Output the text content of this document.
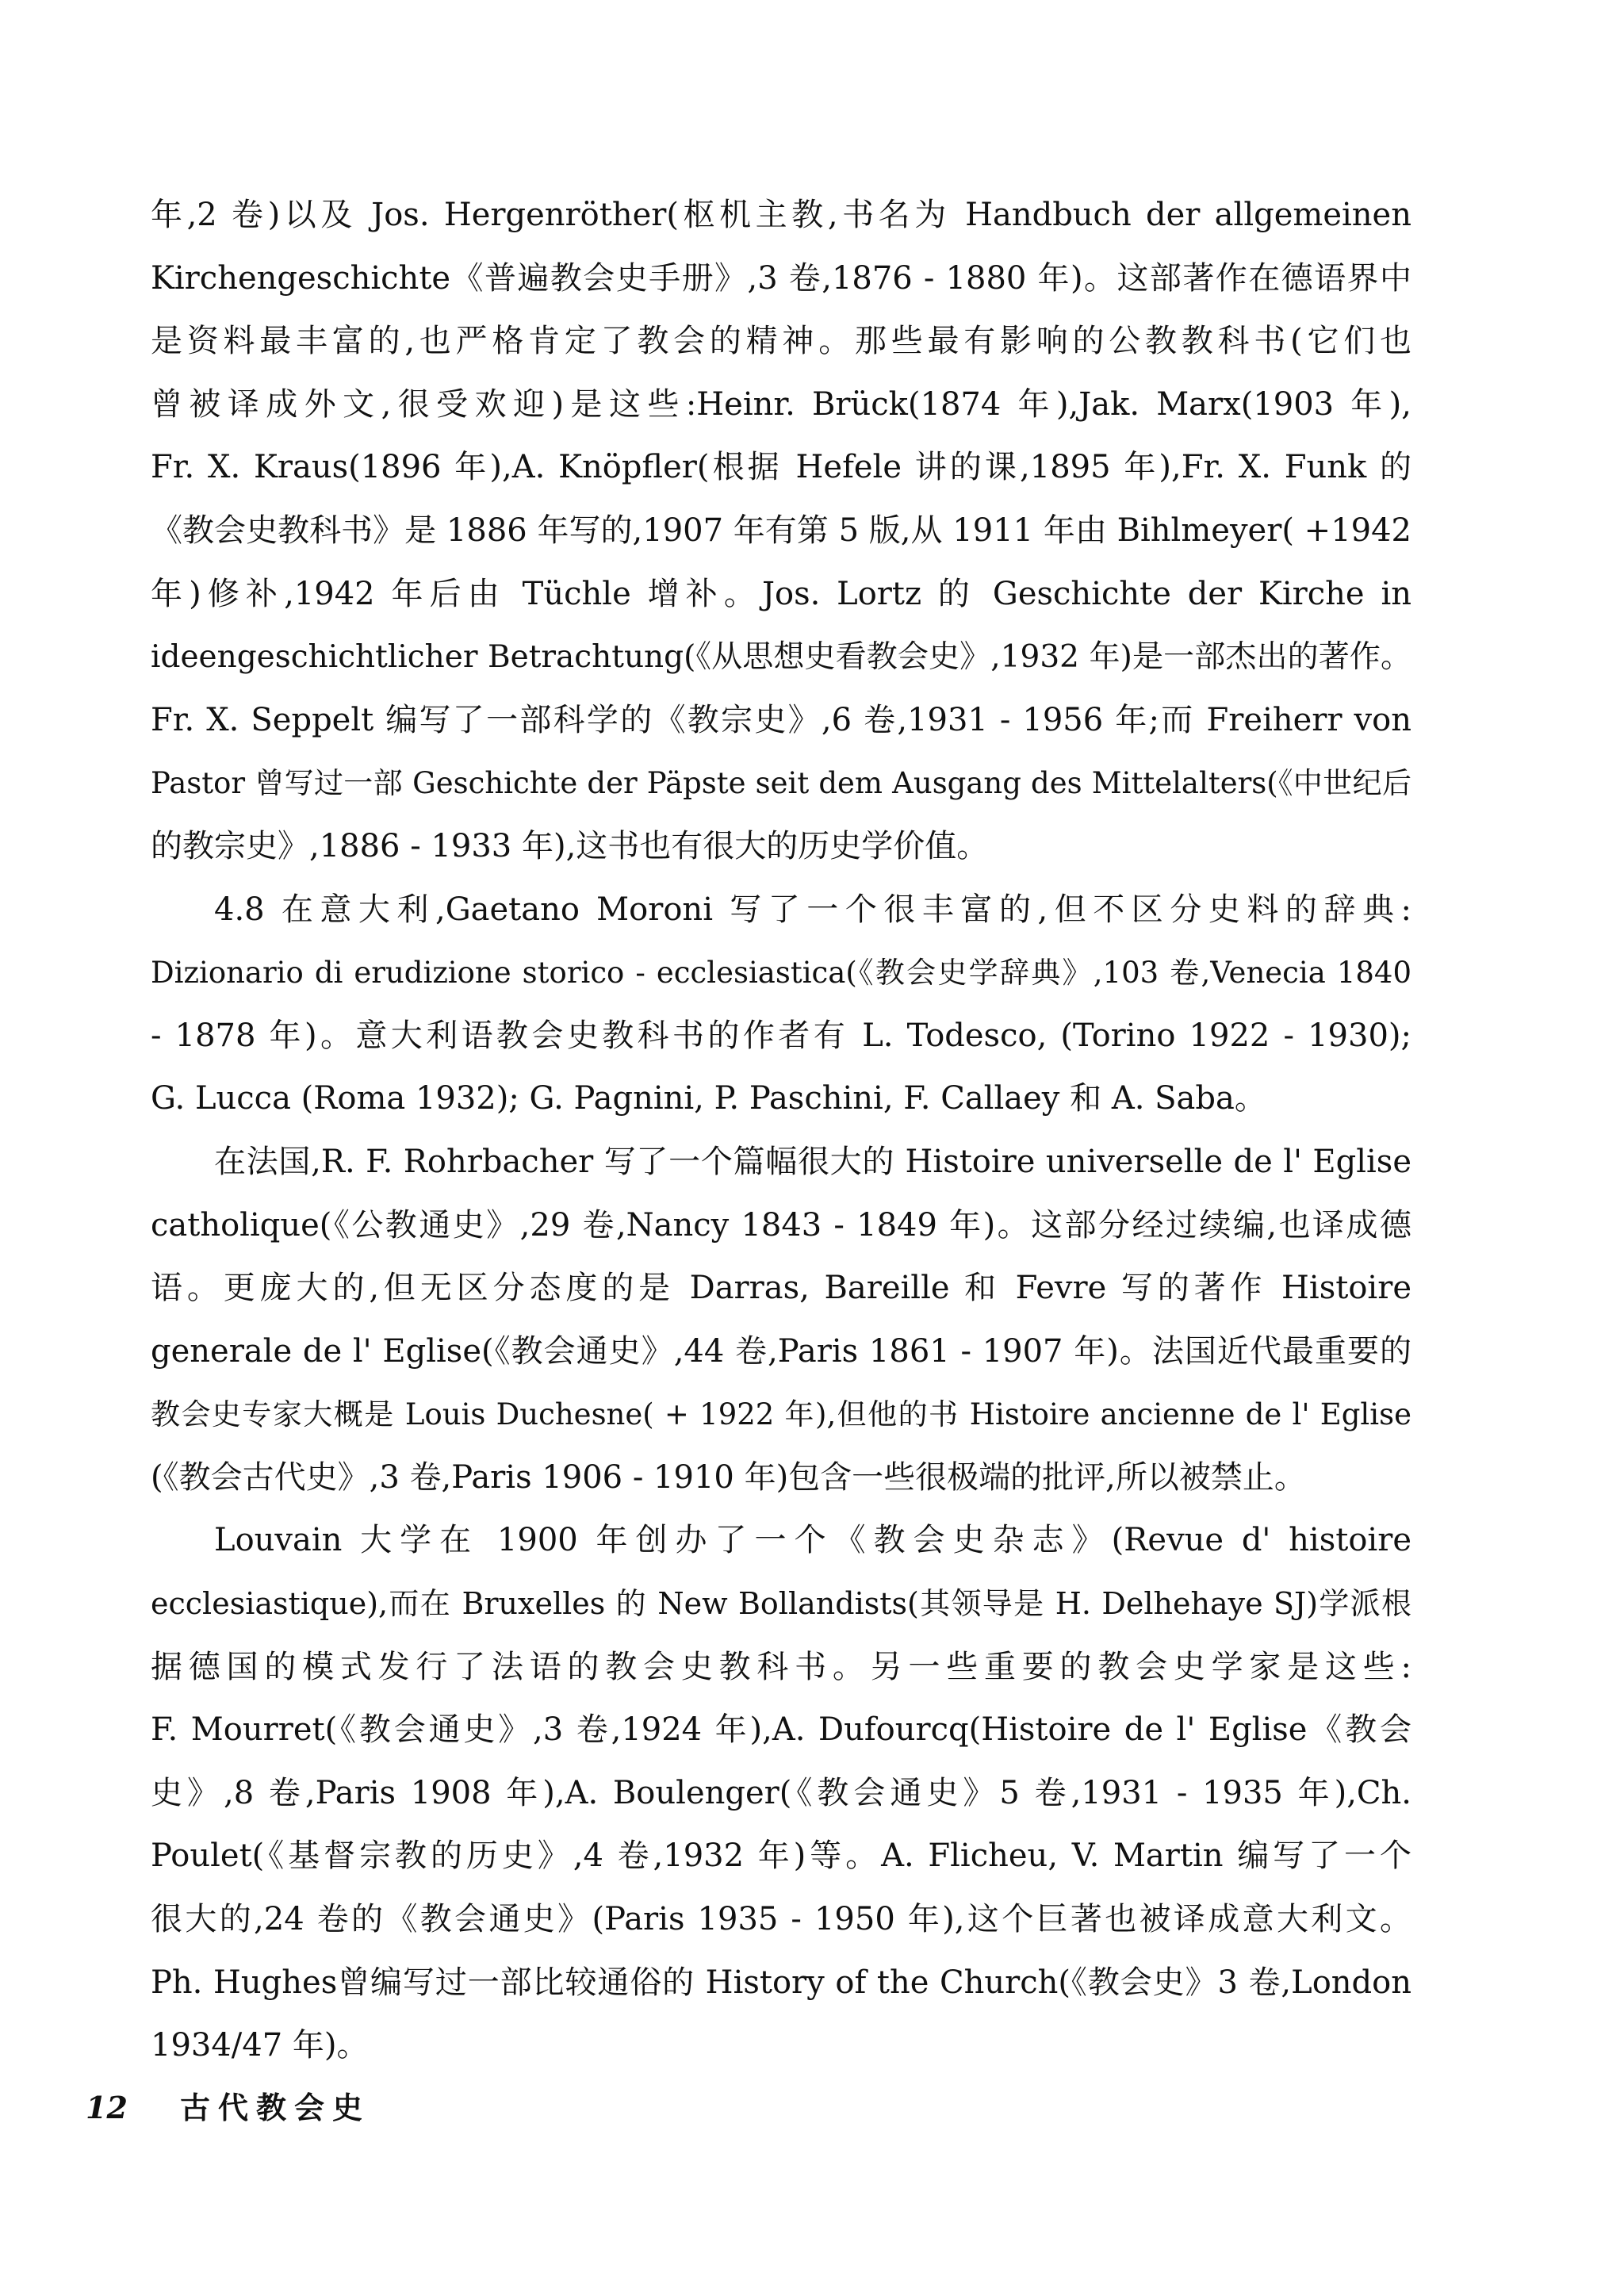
年,2 卷)以及 Jos. Hergenröther(枢机主教,书名为 Handbuch der allgemeinen
Kirchengeschichte《普遍教会史手册》,3 卷,1876 - 1880 年)。这部著作在德语界中
是资料最丰富的,也严格肯定了教会的精神。那些最有影响的公教教科书(它们也
曾被译成外文,很受欢迎)是这些:Heinr. Brück(1874 年),Jak. Marx(1903 年),
Fr. X. Kraus(1896 年),A. Knöpfler(根据 Hefele 讲的课,1895 年),Fr. X. Funk 的
《教会史教科书》是 1886 年写的,1907 年有第 5 版,从 1911 年由 Bihlmeyer( +1942
年)修补,1942 年后由 Tüchle 增补。Jos. Lortz 的 Geschichte der Kirche in
ideengeschichtlicher Betrachtung(《从思想史看教会史》,1932 年)是一部杰出的著作。
Fr. X. Seppelt 编写了一部科学的《教宗史》,6 卷,1931 - 1956 年;而 Freiherr von
Pastor 曾写过一部 Geschichte der Päpste seit dem Ausgang des Mittelalters(《中世纪后
的教宗史》,1886 - 1933 年),这书也有很大的历史学价值。
4.8 在意大利,Gaetano Moroni 写了一个很丰富的,但不区分史料的辞典:
Dizionario di erudizione storico - ecclesiastica(《教会史学辞典》,103 卷,Venecia 1840
- 1878 年)。意大利语教会史教科书的作者有 L. Todesco, (Torino 1922 - 1930);
G. Lucca (Roma 1932); G. Pagnini, P. Paschini, F. Callaey 和 A. Saba。
在法国,R. F. Rohrbacher 写了一个篇幅很大的 Histoire universelle de l' Eglise
catholique(《公教通史》,29 卷,Nancy 1843 - 1849 年)。这部分经过续编,也译成德
语。更庞大的,但无区分态度的是 Darras, Bareille 和 Fevre 写的著作 Histoire
generale de l' Eglise(《教会通史》,44 卷,Paris 1861 - 1907 年)。法国近代最重要的
教会史专家大概是 Louis Duchesne( + 1922 年),但他的书 Histoire ancienne de l' Eglise
(《教会古代史》,3 卷,Paris 1906 - 1910 年)包含一些很极端的批评,所以被禁止。
Louvain 大学在 1900 年创办了一个《教会史杂志》(Revue d' histoire
ecclesiastique),而在 Bruxelles 的 New Bollandists(其领导是 H. Delhehaye SJ)学派根
据德国的模式发行了法语的教会史教科书。另一些重要的教会史学家是这些:
F. Mourret(《教会通史》,3 卷,1924 年),A. Dufourcq(Histoire de l' Eglise《教会
史》,8 卷,Paris 1908 年),A. Boulenger(《教会通史》5 卷,1931 - 1935 年),Ch.
Poulet(《基督宗教的历史》,4 卷,1932 年)等。A. Flicheu, V. Martin 编写了一个
很大的,24 卷的《教会通史》(Paris 1935 - 1950 年),这个巨著也被译成意大利文。
Ph. Hughes曾编写过一部比较通俗的 History of the Church(《教会史》3 卷,London
1934/47 年)。
12 古代教会史
